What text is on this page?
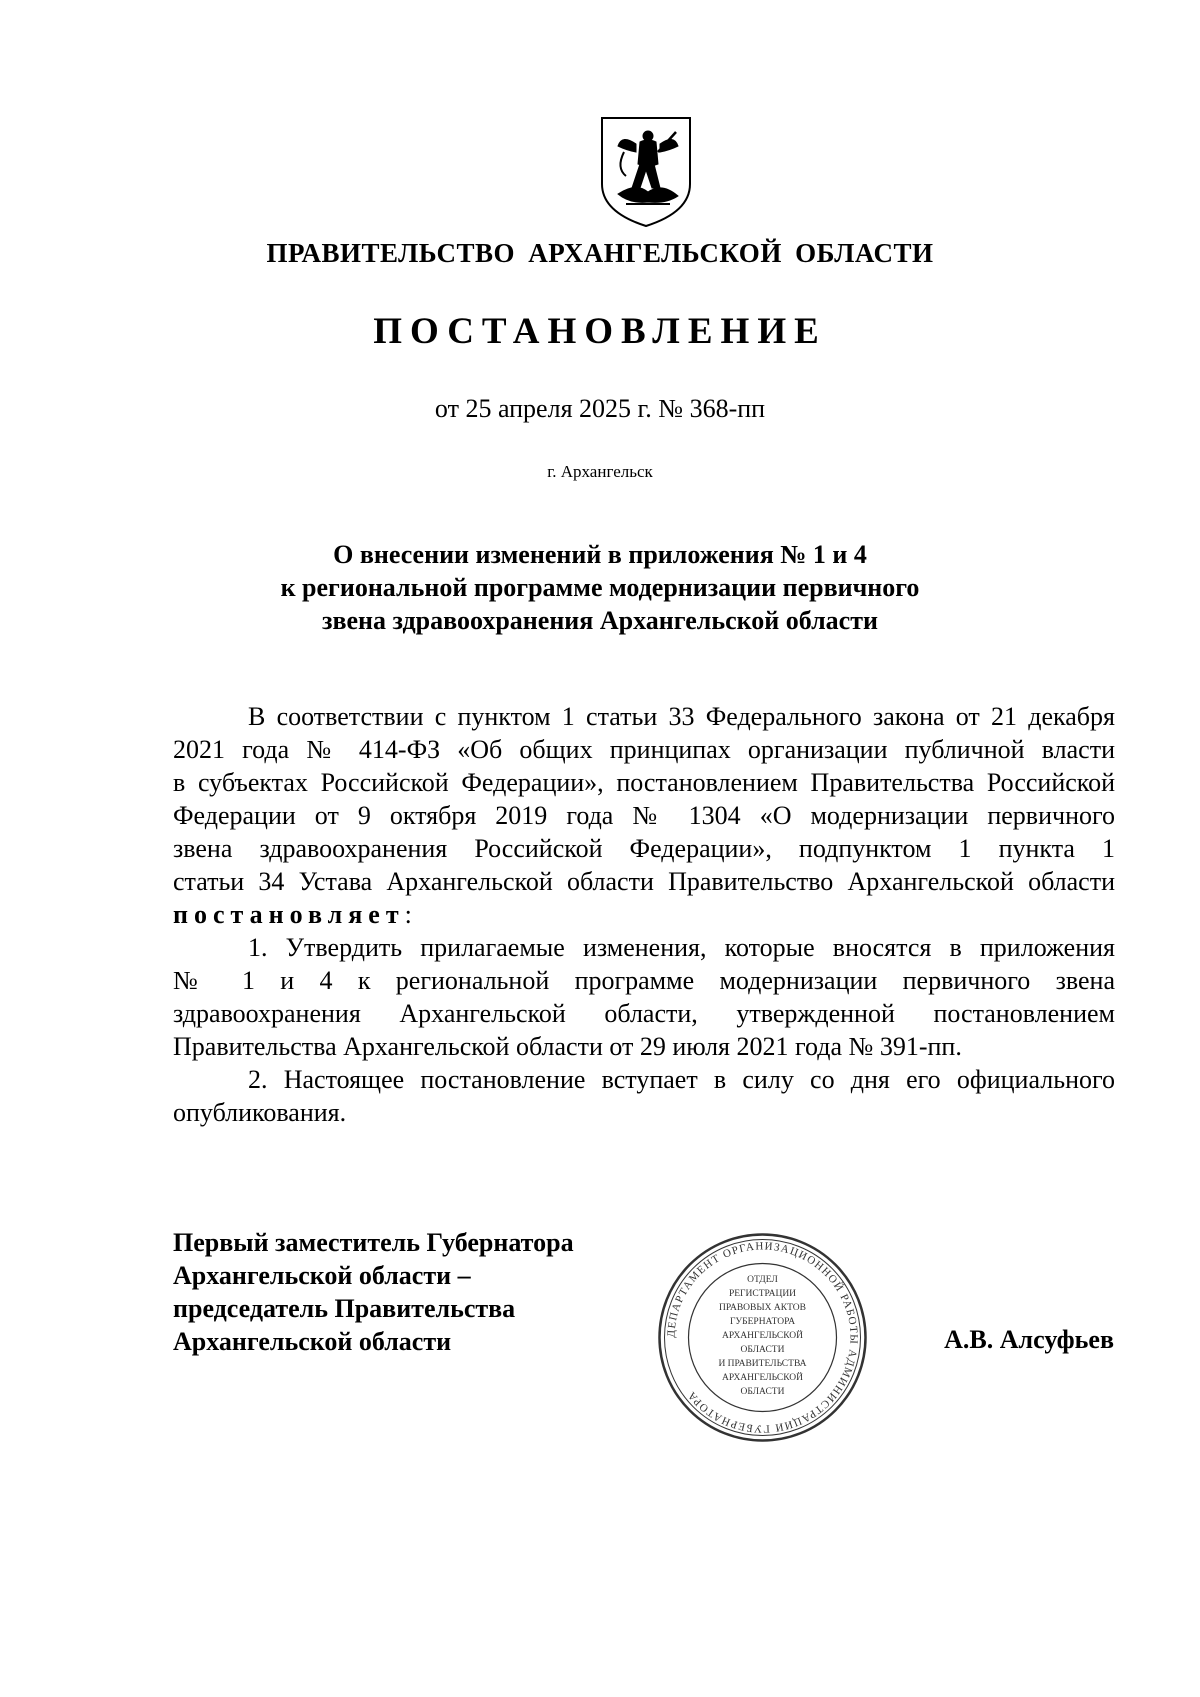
ПРАВИТЕЛЬСТВО АРХАНГЕЛЬСКОЙ ОБЛАСТИ
ПОСТАНОВЛЕНИЕ
от 25 апреля 2025 г. № 368-пп
г. Архангельск
О внесении изменений в приложения № 1 и 4
к региональной программе модернизации первичного
звена здравоохранения Архангельской области
В соответствии с пунктом 1 статьи 33 Федерального закона от 21 декабря
2021 года № 414-ФЗ «Об общих принципах организации публичной власти
в субъектах Российской Федерации», постановлением Правительства Российской
Федерации от 9 октября 2019 года № 1304 «О модернизации первичного
звена здравоохранения Российской Федерации», подпунктом 1 пункта 1
статьи 34 Устава Архангельской области Правительство Архангельской области
постановляет:
1. Утвердить прилагаемые изменения, которые вносятся в приложения
№ 1 и 4 к региональной программе модернизации первичного звена
здравоохранения Архангельской области, утвержденной постановлением
Правительства Архангельской области от 29 июля 2021 года № 391-пп.
2. Настоящее постановление вступает в силу со дня его официального
опубликования.
Первый заместитель Губернатора
Архангельской области –
председатель Правительства
Архангельской области	А.В. Алсуфьев
ДЕПАРТАМЕНТ ОРГАНИЗАЦИОННОЙ РАБОТЫ АДМИНИСТРАЦИИ ГУБЕРНАТОРА
ОТДЕЛ
РЕГИСТРАЦИИ
ПРАВОВЫХ АКТОВ
ГУБЕРНАТОРА
АРХАНГЕЛЬСКОЙ
ОБЛАСТИ
И ПРАВИТЕЛЬСТВА
АРХАНГЕЛЬСКОЙ
ОБЛАСТИ
